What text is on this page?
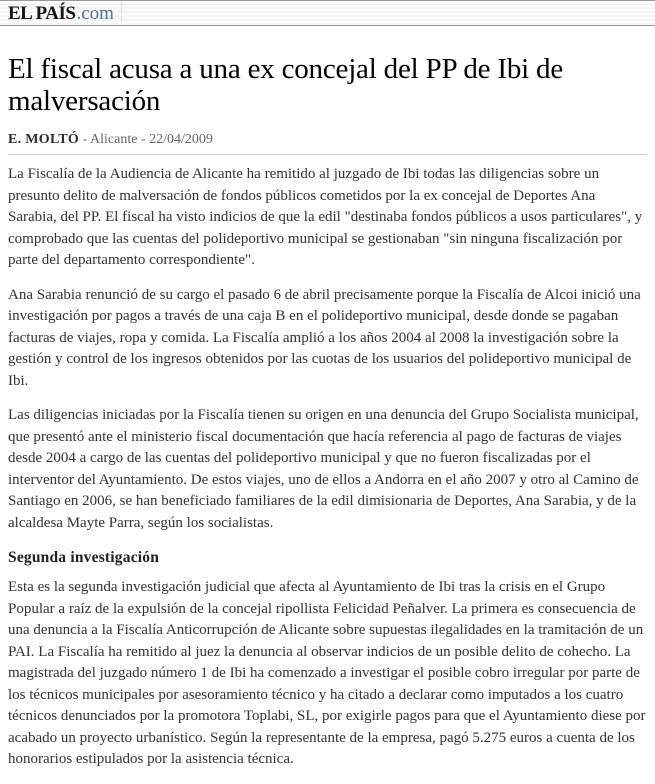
EL PAÍS .com
El fiscal acusa a una ex concejal del PP de Ibi de malversación
E. MOLTÓ - Alicante - 22/04/2009

La Fiscalía de la Audiencia de Alicante ha remitido al juzgado de Ibi todas las diligencias sobre un presunto delito de malversación de fondos públicos cometidos por la ex concejal de Deportes Ana Sarabia, del PP. El fiscal ha visto indicios de que la edil "destinaba fondos públicos a usos particulares", y comprobado que las cuentas del polideportivo municipal se gestionaban "sin ninguna fiscalización por parte del departamento correspondiente".

Ana Sarabia renunció de su cargo el pasado 6 de abril precisamente porque la Fiscalía de Alcoi inició una investigación por pagos a través de una caja B en el polideportivo municipal, desde donde se pagaban facturas de viajes, ropa y comida. La Fiscalía amplió a los años 2004 al 2008 la investigación sobre la gestión y control de los ingresos obtenidos por las cuotas de los usuarios del polideportivo municipal de Ibi.

Las diligencias iniciadas por la Fiscalía tienen su origen en una denuncia del Grupo Socialista municipal, que presentó ante el ministerio fiscal documentación que hacía referencia al pago de facturas de viajes desde 2004 a cargo de las cuentas del polideportivo municipal y que no fueron fiscalizadas por el interventor del Ayuntamiento. De estos viajes, uno de ellos a Andorra en el año 2007 y otro al Camino de Santiago en 2006, se han beneficiado familiares de la edil dimisionaria de Deportes, Ana Sarabia, y de la alcaldesa Mayte Parra, según los socialistas.

Segunda investigación

Esta es la segunda investigación judicial que afecta al Ayuntamiento de Ibi tras la crisis en el Grupo Popular a raíz de la expulsión de la concejal ripollista Felicidad Peñalver. La primera es consecuencia de una denuncia a la Fiscalía Anticorrupción de Alicante sobre supuestas ilegalidades en la tramitación de un PAI. La Fiscalía ha remitido al juez la denuncia al observar indicios de un posible delito de cohecho. La magistrada del juzgado número 1 de Ibi ha comenzado a investigar el posible cobro irregular por parte de los técnicos municipales por asesoramiento técnico y ha citado a declarar como imputados a los cuatro técnicos denunciados por la promotora Toplabi, SL, por exigirle pagos para que el Ayuntamiento diese por acabado un proyecto urbanístico. Según la representante de la empresa, pagó 5.275 euros a cuenta de los honorarios estipulados por la asistencia técnica.
